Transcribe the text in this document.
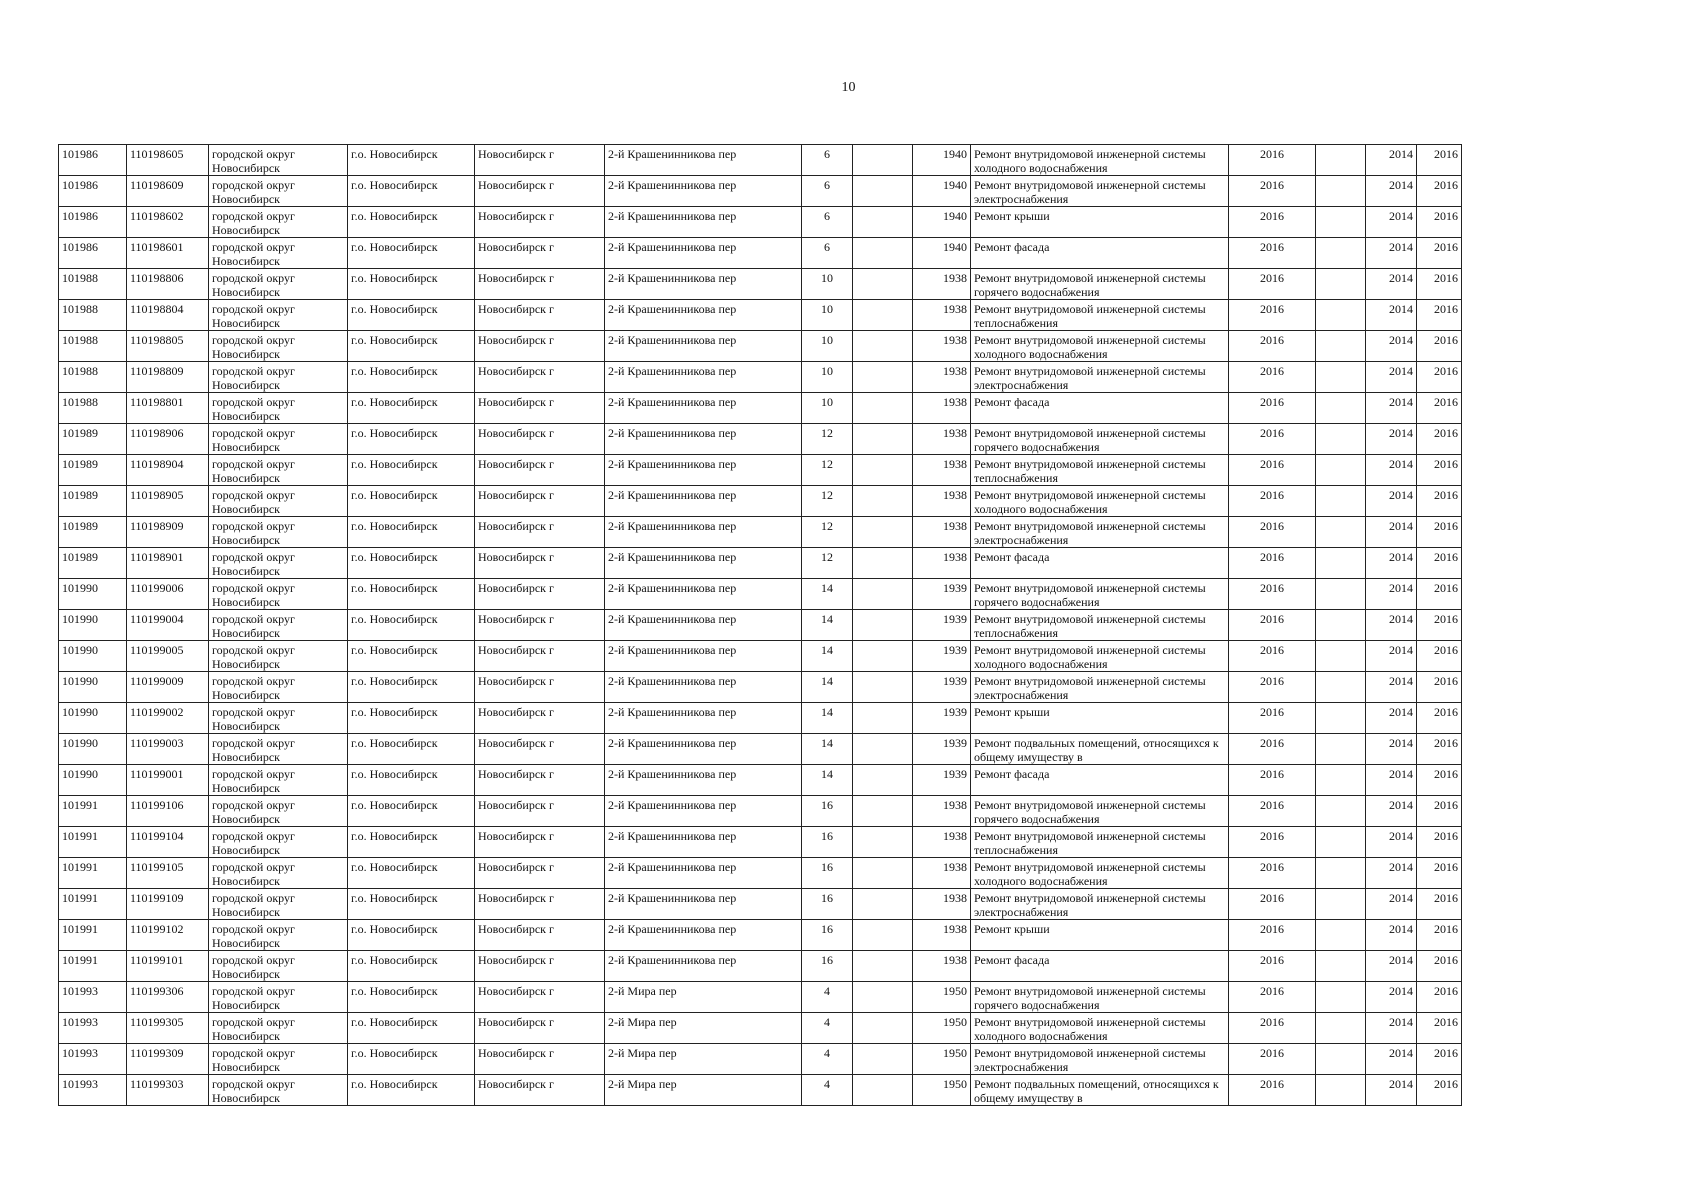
10
101986	110198605	городской округ Новосибирск	г.о. Новосибирск	Новосибирск г	2-й Крашенинникова пер	6		1940	Ремонт внутридомовой инженерной системы холодного водоснабжения	2016		2014	2016
101986	110198609	городской округ Новосибирск	г.о. Новосибирск	Новосибирск г	2-й Крашенинникова пер	6		1940	Ремонт внутридомовой инженерной системы электроснабжения	2016		2014	2016
101986	110198602	городской округ Новосибирск	г.о. Новосибирск	Новосибирск г	2-й Крашенинникова пер	6		1940	Ремонт крыши	2016		2014	2016
101986	110198601	городской округ Новосибирск	г.о. Новосибирск	Новосибирск г	2-й Крашенинникова пер	6		1940	Ремонт фасада	2016		2014	2016
101988	110198806	городской округ Новосибирск	г.о. Новосибирск	Новосибирск г	2-й Крашенинникова пер	10		1938	Ремонт внутридомовой инженерной системы горячего водоснабжения	2016		2014	2016
101988	110198804	городской округ Новосибирск	г.о. Новосибирск	Новосибирск г	2-й Крашенинникова пер	10		1938	Ремонт внутридомовой инженерной системы теплоснабжения	2016		2014	2016
101988	110198805	городской округ Новосибирск	г.о. Новосибирск	Новосибирск г	2-й Крашенинникова пер	10		1938	Ремонт внутридомовой инженерной системы холодного водоснабжения	2016		2014	2016
101988	110198809	городской округ Новосибирск	г.о. Новосибирск	Новосибирск г	2-й Крашенинникова пер	10		1938	Ремонт внутридомовой инженерной системы электроснабжения	2016		2014	2016
101988	110198801	городской округ Новосибирск	г.о. Новосибирск	Новосибирск г	2-й Крашенинникова пер	10		1938	Ремонт фасада	2016		2014	2016
101989	110198906	городской округ Новосибирск	г.о. Новосибирск	Новосибирск г	2-й Крашенинникова пер	12		1938	Ремонт внутридомовой инженерной системы горячего водоснабжения	2016		2014	2016
101989	110198904	городской округ Новосибирск	г.о. Новосибирск	Новосибирск г	2-й Крашенинникова пер	12		1938	Ремонт внутридомовой инженерной системы теплоснабжения	2016		2014	2016
101989	110198905	городской округ Новосибирск	г.о. Новосибирск	Новосибирск г	2-й Крашенинникова пер	12		1938	Ремонт внутридомовой инженерной системы холодного водоснабжения	2016		2014	2016
101989	110198909	городской округ Новосибирск	г.о. Новосибирск	Новосибирск г	2-й Крашенинникова пер	12		1938	Ремонт внутридомовой инженерной системы электроснабжения	2016		2014	2016
101989	110198901	городской округ Новосибирск	г.о. Новосибирск	Новосибирск г	2-й Крашенинникова пер	12		1938	Ремонт фасада	2016		2014	2016
101990	110199006	городской округ Новосибирск	г.о. Новосибирск	Новосибирск г	2-й Крашенинникова пер	14		1939	Ремонт внутридомовой инженерной системы горячего водоснабжения	2016		2014	2016
101990	110199004	городской округ Новосибирск	г.о. Новосибирск	Новосибирск г	2-й Крашенинникова пер	14		1939	Ремонт внутридомовой инженерной системы теплоснабжения	2016		2014	2016
101990	110199005	городской округ Новосибирск	г.о. Новосибирск	Новосибирск г	2-й Крашенинникова пер	14		1939	Ремонт внутридомовой инженерной системы холодного водоснабжения	2016		2014	2016
101990	110199009	городской округ Новосибирск	г.о. Новосибирск	Новосибирск г	2-й Крашенинникова пер	14		1939	Ремонт внутридомовой инженерной системы электроснабжения	2016		2014	2016
101990	110199002	городской округ Новосибирск	г.о. Новосибирск	Новосибирск г	2-й Крашенинникова пер	14		1939	Ремонт крыши	2016		2014	2016
101990	110199003	городской округ Новосибирск	г.о. Новосибирск	Новосибирск г	2-й Крашенинникова пер	14		1939	Ремонт подвальных помещений, относящихся к общему имуществу в	2016		2014	2016
101990	110199001	городской округ Новосибирск	г.о. Новосибирск	Новосибирск г	2-й Крашенинникова пер	14		1939	Ремонт фасада	2016		2014	2016
101991	110199106	городской округ Новосибирск	г.о. Новосибирск	Новосибирск г	2-й Крашенинникова пер	16		1938	Ремонт внутридомовой инженерной системы горячего водоснабжения	2016		2014	2016
101991	110199104	городской округ Новосибирск	г.о. Новосибирск	Новосибирск г	2-й Крашенинникова пер	16		1938	Ремонт внутридомовой инженерной системы теплоснабжения	2016		2014	2016
101991	110199105	городской округ Новосибирск	г.о. Новосибирск	Новосибирск г	2-й Крашенинникова пер	16		1938	Ремонт внутридомовой инженерной системы холодного водоснабжения	2016		2014	2016
101991	110199109	городской округ Новосибирск	г.о. Новосибирск	Новосибирск г	2-й Крашенинникова пер	16		1938	Ремонт внутридомовой инженерной системы электроснабжения	2016		2014	2016
101991	110199102	городской округ Новосибирск	г.о. Новосибирск	Новосибирск г	2-й Крашенинникова пер	16		1938	Ремонт крыши	2016		2014	2016
101991	110199101	городской округ Новосибирск	г.о. Новосибирск	Новосибирск г	2-й Крашенинникова пер	16		1938	Ремонт фасада	2016		2014	2016
101993	110199306	городской округ Новосибирск	г.о. Новосибирск	Новосибирск г	2-й Мира пер	4		1950	Ремонт внутридомовой инженерной системы горячего водоснабжения	2016		2014	2016
101993	110199305	городской округ Новосибирск	г.о. Новосибирск	Новосибирск г	2-й Мира пер	4		1950	Ремонт внутридомовой инженерной системы холодного водоснабжения	2016		2014	2016
101993	110199309	городской округ Новосибирск	г.о. Новосибирск	Новосибирск г	2-й Мира пер	4		1950	Ремонт внутридомовой инженерной системы электроснабжения	2016		2014	2016
101993	110199303	городской округ Новосибирск	г.о. Новосибирск	Новосибирск г	2-й Мира пер	4		1950	Ремонт подвальных помещений, относящихся к общему имуществу в	2016		2014	2016
